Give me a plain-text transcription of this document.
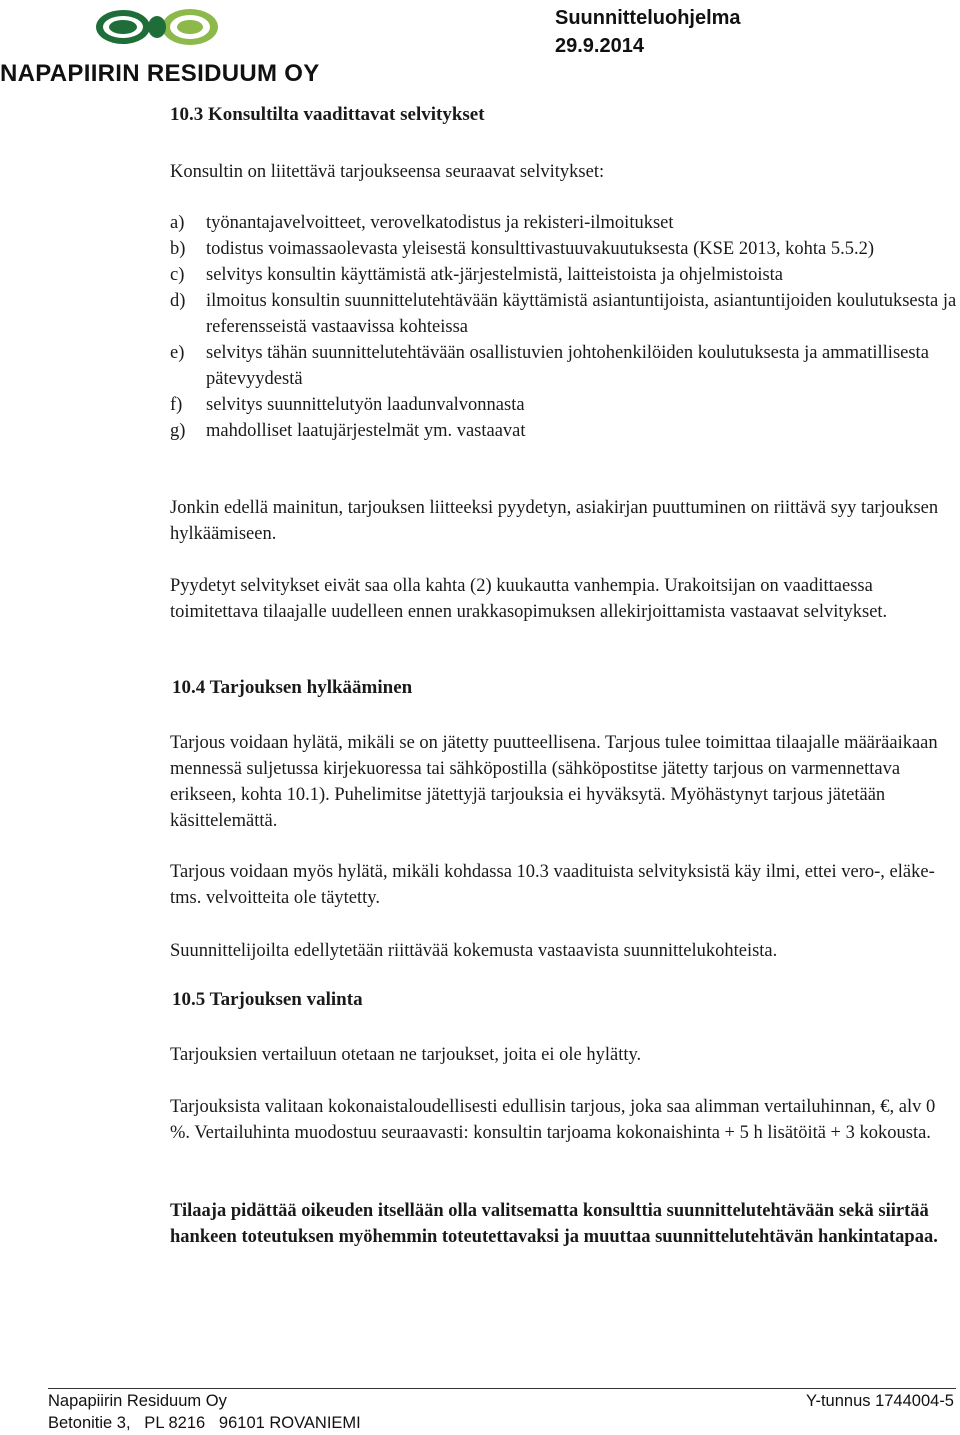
NAPAPIIRIN RESIDUUM OY
Suunnitteluohjelma
29.9.2014
10.3 Konsultilta vaadittavat selvitykset

Konsultin on liitettävä tarjoukseensa seuraavat selvitykset:

a)	työnantajavelvoitteet, verovelkatodistus ja rekisteri-ilmoitukset
b)	todistus voimassaolevasta yleisestä konsulttivastuuvakuutuksesta (KSE 2013, kohta 5.5.2)
c)	selvitys konsultin käyttämistä atk-järjestelmistä, laitteistoista ja ohjelmistoista
d)	ilmoitus konsultin suunnittelutehtävään käyttämistä asiantuntijoista, asiantuntijoiden koulutuksesta ja referensseistä vastaavissa kohteissa
e)	selvitys tähän suunnittelutehtävään osallistuvien johtohenkilöiden koulutuksesta ja ammatillisesta pätevyydestä
f)	selvitys suunnittelutyön laadunvalvonnasta
g)	mahdolliset laatujärjestelmät ym. vastaavat

Jonkin edellä mainitun, tarjouksen liitteeksi pyydetyn, asiakirjan puuttuminen on riittävä syy tarjouksen hylkäämiseen.

Pyydetyt selvitykset eivät saa olla kahta (2) kuukautta vanhempia. Urakoitsijan on vaadittaessa toimitettava tilaajalle uudelleen ennen urakkasopimuksen allekirjoittamista vastaavat selvitykset.

10.4 Tarjouksen hylkääminen

Tarjous voidaan hylätä, mikäli se on jätetty puutteellisena. Tarjous tulee toimittaa tilaajalle määräaikaan mennessä suljetussa kirjekuoressa tai sähköpostilla (sähköpostitse jätetty tarjous on varmennettava erikseen, kohta 10.1). Puhelimitse jätettyjä tarjouksia ei hyväksytä. Myöhästynyt tarjous jätetään käsittelemättä.

Tarjous voidaan myös hylätä, mikäli kohdassa 10.3 vaadituista selvityksistä käy ilmi, ettei vero-, eläke- tms. velvoitteita ole täytetty.

Suunnittelijoilta edellytetään riittävää kokemusta vastaavista suunnittelukohteista.

10.5 Tarjouksen valinta

Tarjouksien vertailuun otetaan ne tarjoukset, joita ei ole hylätty.

Tarjouksista valitaan kokonaistaloudellisesti edullisin tarjous, joka saa alimman vertailuhinnan, €, alv 0 %. Vertailuhinta muodostuu seuraavasti: konsultin tarjoama kokonaishinta + 5 h lisätöitä + 3 kokousta.

Tilaaja pidättää oikeuden itsellään olla valitsematta konsulttia suunnittelutehtävään sekä siirtää hankeen toteutuksen myöhemmin toteutettavaksi ja muuttaa suunnittelutehtävän hankintatapaa.

Napapiirin Residuum Oy
Betonitie 3,   PL 8216   96101 ROVANIEMI
Y-tunnus 1744004-5
